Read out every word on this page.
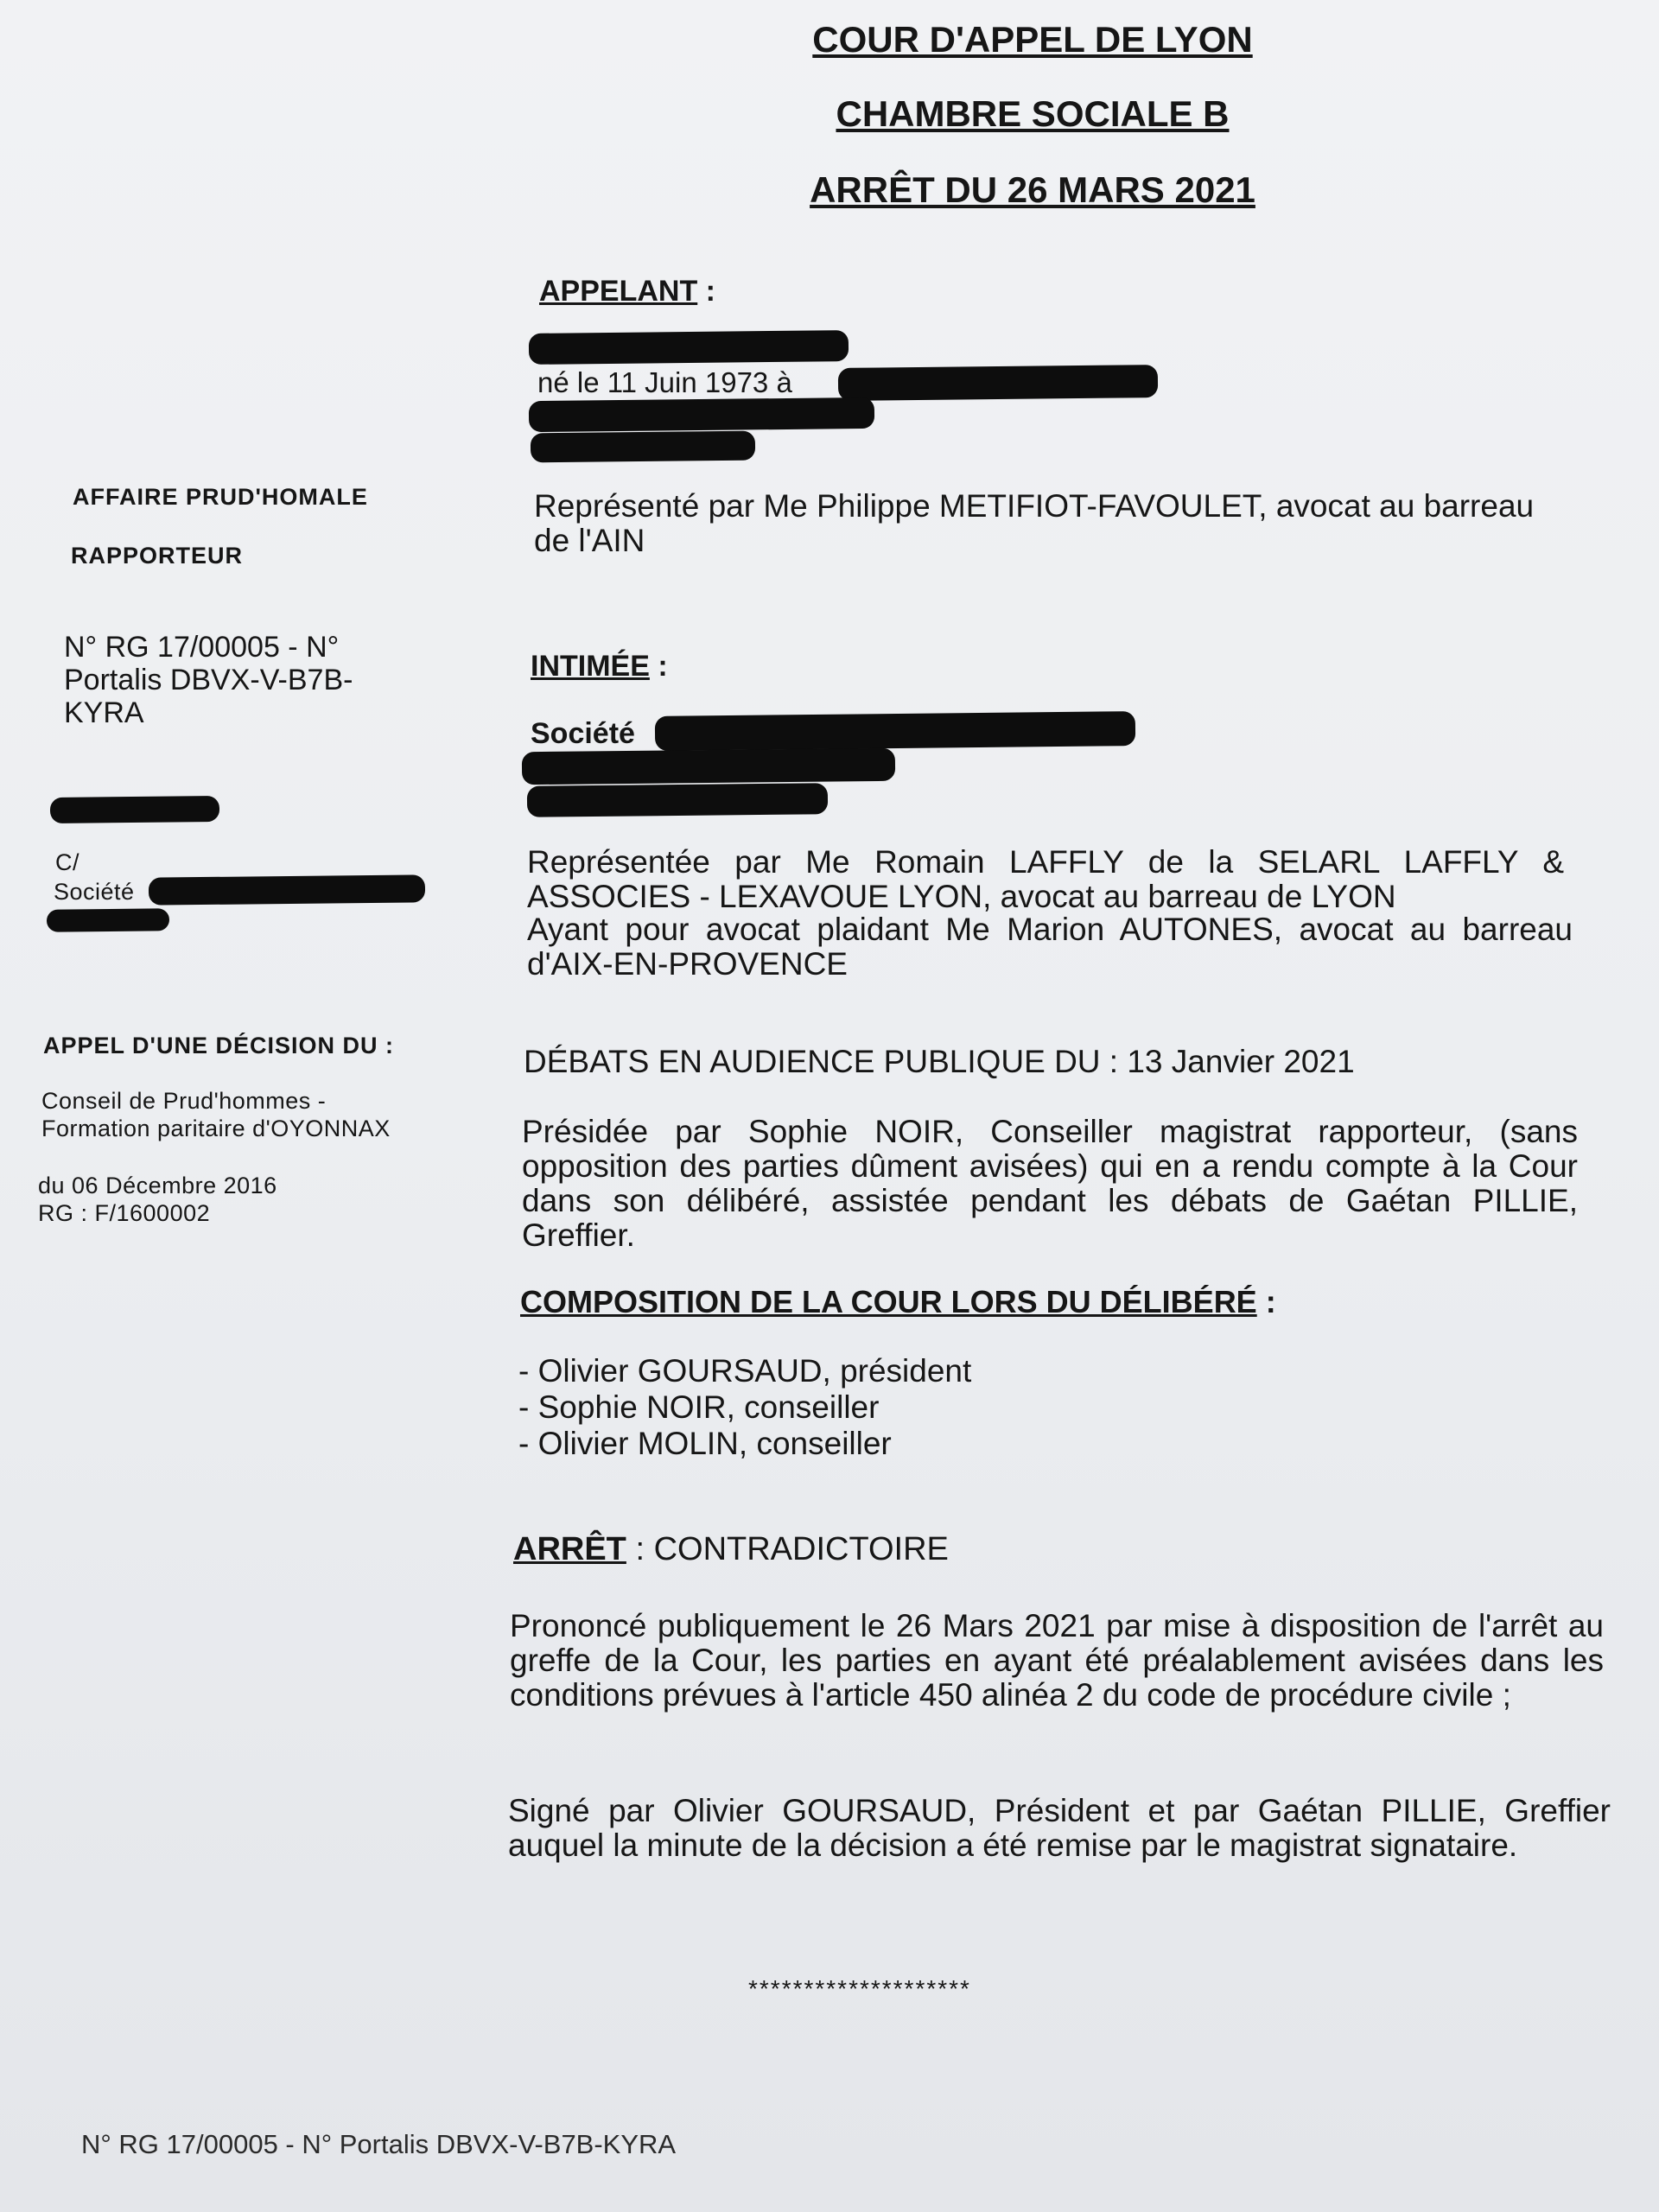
COUR D'APPEL DE LYON
CHAMBRE SOCIALE B
ARRÊT DU 26 MARS 2021
AFFAIRE PRUD'HOMALE
RAPPORTEUR
N° RG 17/00005 - N° Portalis DBVX-V-B7B-KYRA
C/
Société
APPEL D'UNE DÉCISION DU :
Conseil de Prud'hommes - Formation paritaire d'OYONNAX
du 06 Décembre 2016
RG : F/1600002
APPELANT :
né le 11 Juin 1973 à
Représenté par Me Philippe METIFIOT-FAVOULET, avocat au barreau de l'AIN
INTIMÉE :
Société
Représentée par Me Romain LAFFLY de la SELARL LAFFLY & ASSOCIES - LEXAVOUE LYON, avocat au barreau de LYON
Ayant pour avocat plaidant Me Marion AUTONES, avocat au barreau d'AIX-EN-PROVENCE
DÉBATS EN AUDIENCE PUBLIQUE DU : 13 Janvier 2021
Présidée par Sophie NOIR, Conseiller magistrat rapporteur, (sans opposition des parties dûment avisées) qui en a rendu compte à la Cour dans son délibéré, assistée pendant les débats de Gaétan PILLIE, Greffier.
COMPOSITION DE LA COUR LORS DU DÉLIBÉRÉ :
- Olivier GOURSAUD, président
- Sophie NOIR, conseiller
- Olivier MOLIN, conseiller
ARRÊT : CONTRADICTOIRE
Prononcé publiquement le 26 Mars 2021 par mise à disposition de l'arrêt au greffe de la Cour, les parties en ayant été préalablement avisées dans les conditions prévues à l'article 450 alinéa 2 du code de procédure civile ;
Signé par Olivier GOURSAUD, Président et par Gaétan PILLIE, Greffier auquel la minute de la décision a été remise par le magistrat signataire.
********************
N° RG 17/00005 - N° Portalis DBVX-V-B7B-KYRA
